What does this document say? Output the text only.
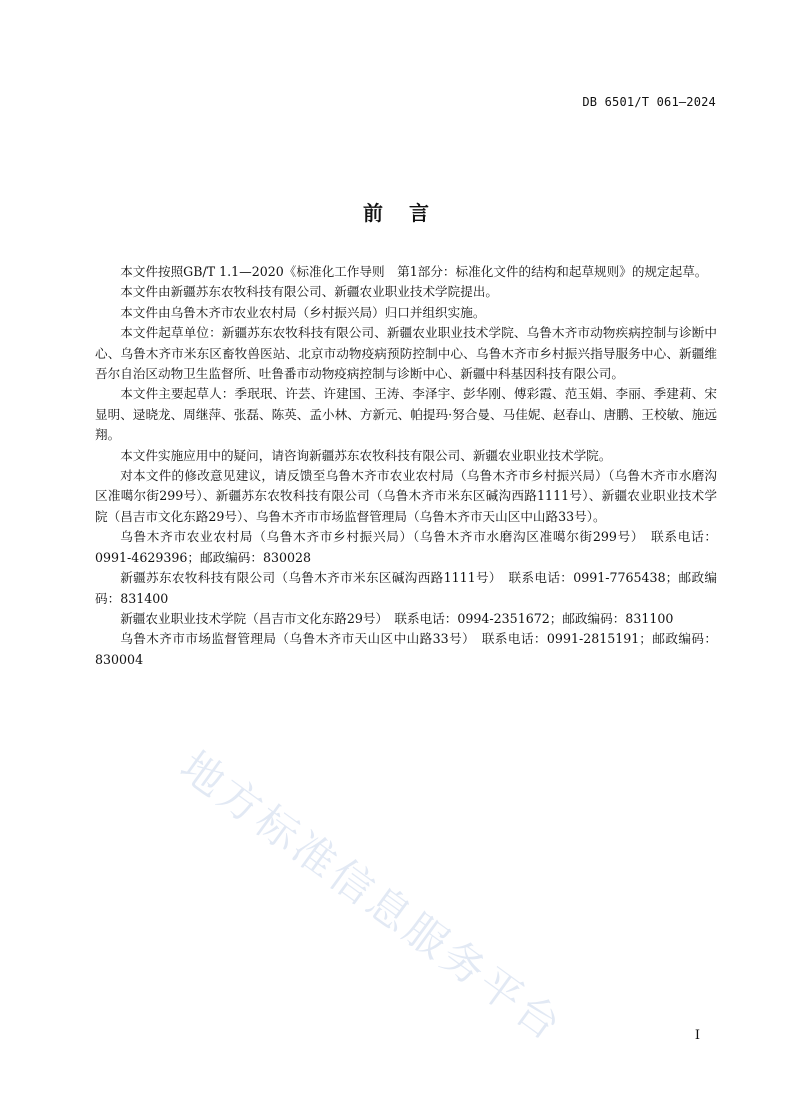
DB 6501/T 061—2024
前言

本文件按照GB/T 1.1—2020《标准化工作导则　第1部分：标准化文件的结构和起草规则》的规定起草。

本文件由新疆苏东农牧科技有限公司、新疆农业职业技术学院提出。

本文件由乌鲁木齐市农业农村局（乡村振兴局）归口并组织实施。

本文件起草单位：新疆苏东农牧科技有限公司、新疆农业职业技术学院、乌鲁木齐市动物疾病控制与诊断中心、乌鲁木齐市米东区畜牧兽医站、北京市动物疫病预防控制中心、乌鲁木齐市乡村振兴指导服务中心、新疆维吾尔自治区动物卫生监督所、吐鲁番市动物疫病控制与诊断中心、新疆中科基因科技有限公司。

本文件主要起草人：季珉珉、许芸、许建国、王涛、李泽宇、彭华刚、傅彩霞、范玉娟、李丽、季建莉、宋显明、逯晓龙、周继萍、张磊、陈英、孟小林、方新元、帕提玛·努合曼、马佳妮、赵春山、唐鹏、王校敏、施远翔。

本文件实施应用中的疑问，请咨询新疆苏东农牧科技有限公司、新疆农业职业技术学院。

对本文件的修改意见建议，请反馈至乌鲁木齐市农业农村局（乌鲁木齐市乡村振兴局）（乌鲁木齐市水磨沟区准噶尔街299号）、新疆苏东农牧科技有限公司（乌鲁木齐市米东区碱沟西路1111号）、新疆农业职业技术学院（昌吉市文化东路29号）、乌鲁木齐市市场监督管理局（乌鲁木齐市天山区中山路33号）。

乌鲁木齐市农业农村局（乌鲁木齐市乡村振兴局）（乌鲁木齐市水磨沟区准噶尔街299号）　联系电话：0991-4629396；邮政编码：830028

新疆苏东农牧科技有限公司（乌鲁木齐市米东区碱沟西路1111号）　联系电话：0991-7765438；邮政编码：831400

新疆农业职业技术学院（昌吉市文化东路29号）　联系电话：0994-2351672；邮政编码：831100

乌鲁木齐市市场监督管理局（乌鲁木齐市天山区中山路33号）　联系电话：0991-2815191；邮政编码：830004

地方标准信息服务平台	I
